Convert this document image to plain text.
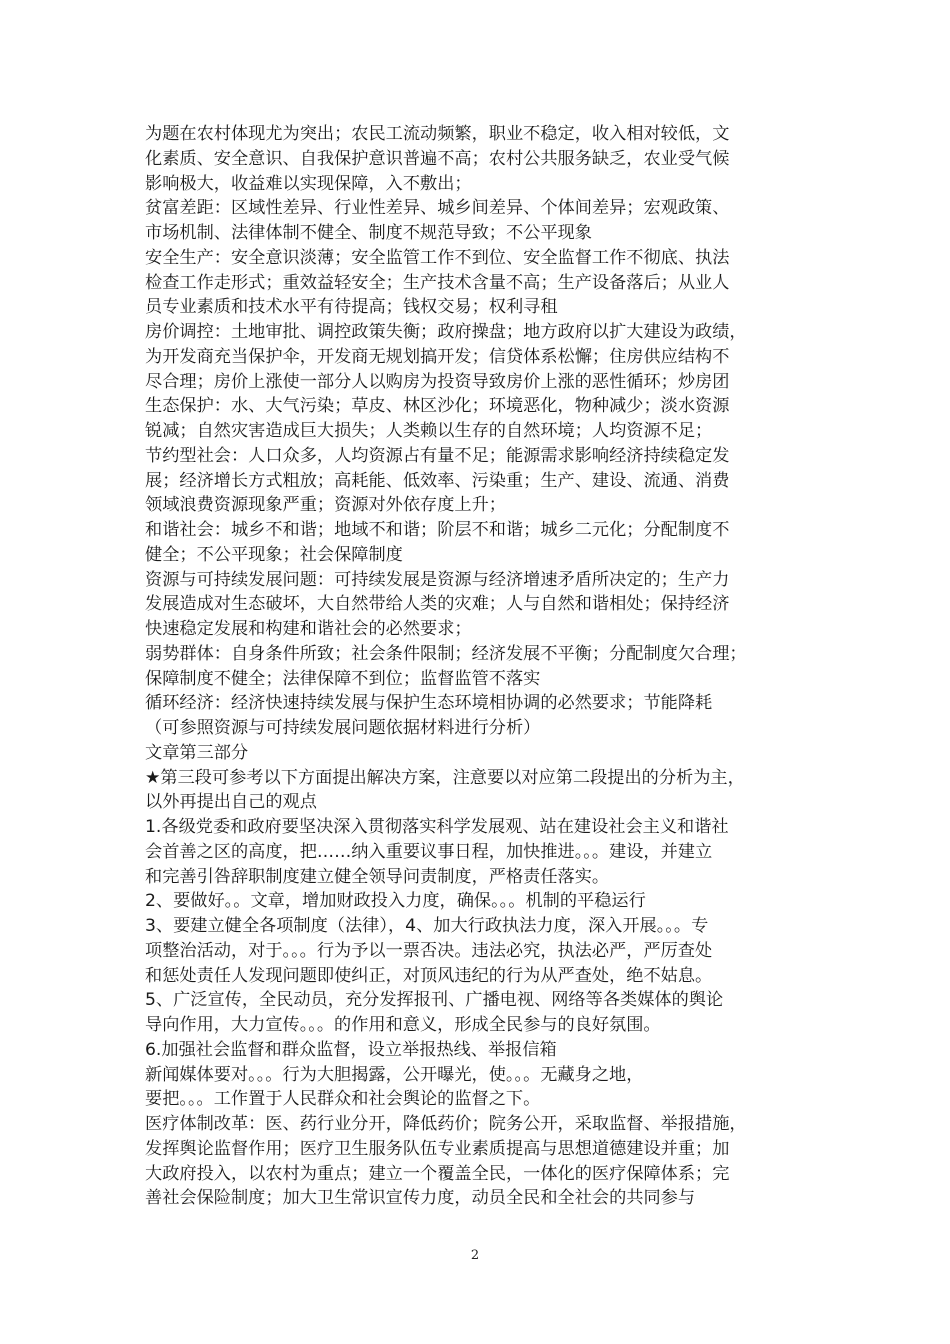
为题在农村体现尤为突出；农民工流动频繁，职业不稳定，收入相对较低，文
化素质、安全意识、自我保护意识普遍不高；农村公共服务缺乏，农业受气候
影响极大，收益难以实现保障，入不敷出；
贫富差距：区域性差异、行业性差异、城乡间差异、个体间差异；宏观政策、
市场机制、法律体制不健全、制度不规范导致；不公平现象
安全生产：安全意识淡薄；安全监管工作不到位、安全监督工作不彻底、执法
检查工作走形式；重效益轻安全；生产技术含量不高；生产设备落后；从业人
员专业素质和技术水平有待提高；钱权交易；权利寻租
房价调控：土地审批、调控政策失衡；政府操盘；地方政府以扩大建设为政绩，
为开发商充当保护伞，开发商无规划搞开发；信贷体系松懈；住房供应结构不
尽合理；房价上涨使一部分人以购房为投资导致房价上涨的恶性循环；炒房团
生态保护：水、大气污染；草皮、林区沙化；环境恶化，物种减少；淡水资源
锐减；自然灾害造成巨大损失；人类赖以生存的自然环境；人均资源不足；
节约型社会：人口众多，人均资源占有量不足；能源需求影响经济持续稳定发
展；经济增长方式粗放；高耗能、低效率、污染重；生产、建设、流通、消费
领域浪费资源现象严重；资源对外依存度上升；
和谐社会：城乡不和谐；地域不和谐；阶层不和谐；城乡二元化；分配制度不
健全；不公平现象；社会保障制度
资源与可持续发展问题：可持续发展是资源与经济增速矛盾所决定的；生产力
发展造成对生态破坏，大自然带给人类的灾难；人与自然和谐相处；保持经济
快速稳定发展和构建和谐社会的必然要求；
弱势群体：自身条件所致；社会条件限制；经济发展不平衡；分配制度欠合理；
保障制度不健全；法律保障不到位；监督监管不落实
循环经济：经济快速持续发展与保护生态环境相协调的必然要求；节能降耗
（可参照资源与可持续发展问题依据材料进行分析）
文章第三部分
★第三段可参考以下方面提出解决方案，注意要以对应第二段提出的分析为主，
以外再提出自己的观点
1.各级党委和政府要坚决深入贯彻落实科学发展观、站在建设社会主义和谐社
会首善之区的高度，把……纳入重要议事日程，加快推进。。。建设，并建立
和完善引咎辞职制度建立健全领导问责制度，严格责任落实。
2、要做好。。文章，增加财政投入力度，确保。。。机制的平稳运行
3、要建立健全各项制度（法律），4、加大行政执法力度，深入开展。。。专
项整治活动，对于。。。行为予以一票否决。违法必究，执法必严，严厉查处
和惩处责任人发现问题即使纠正，对顶风违纪的行为从严查处，绝不姑息。
5、广泛宣传，全民动员，充分发挥报刊、广播电视、网络等各类媒体的舆论
导向作用，大力宣传。。。的作用和意义，形成全民参与的良好氛围。
6.加强社会监督和群众监督，设立举报热线、举报信箱
新闻媒体要对。。。行为大胆揭露，公开曝光，使。。。无藏身之地，
要把。。。工作置于人民群众和社会舆论的监督之下。
医疗体制改革：医、药行业分开，降低药价；院务公开，采取监督、举报措施，
发挥舆论监督作用；医疗卫生服务队伍专业素质提高与思想道德建设并重；加
大政府投入，以农村为重点；建立一个覆盖全民，一体化的医疗保障体系；完
善社会保险制度；加大卫生常识宣传力度，动员全民和全社会的共同参与
2
